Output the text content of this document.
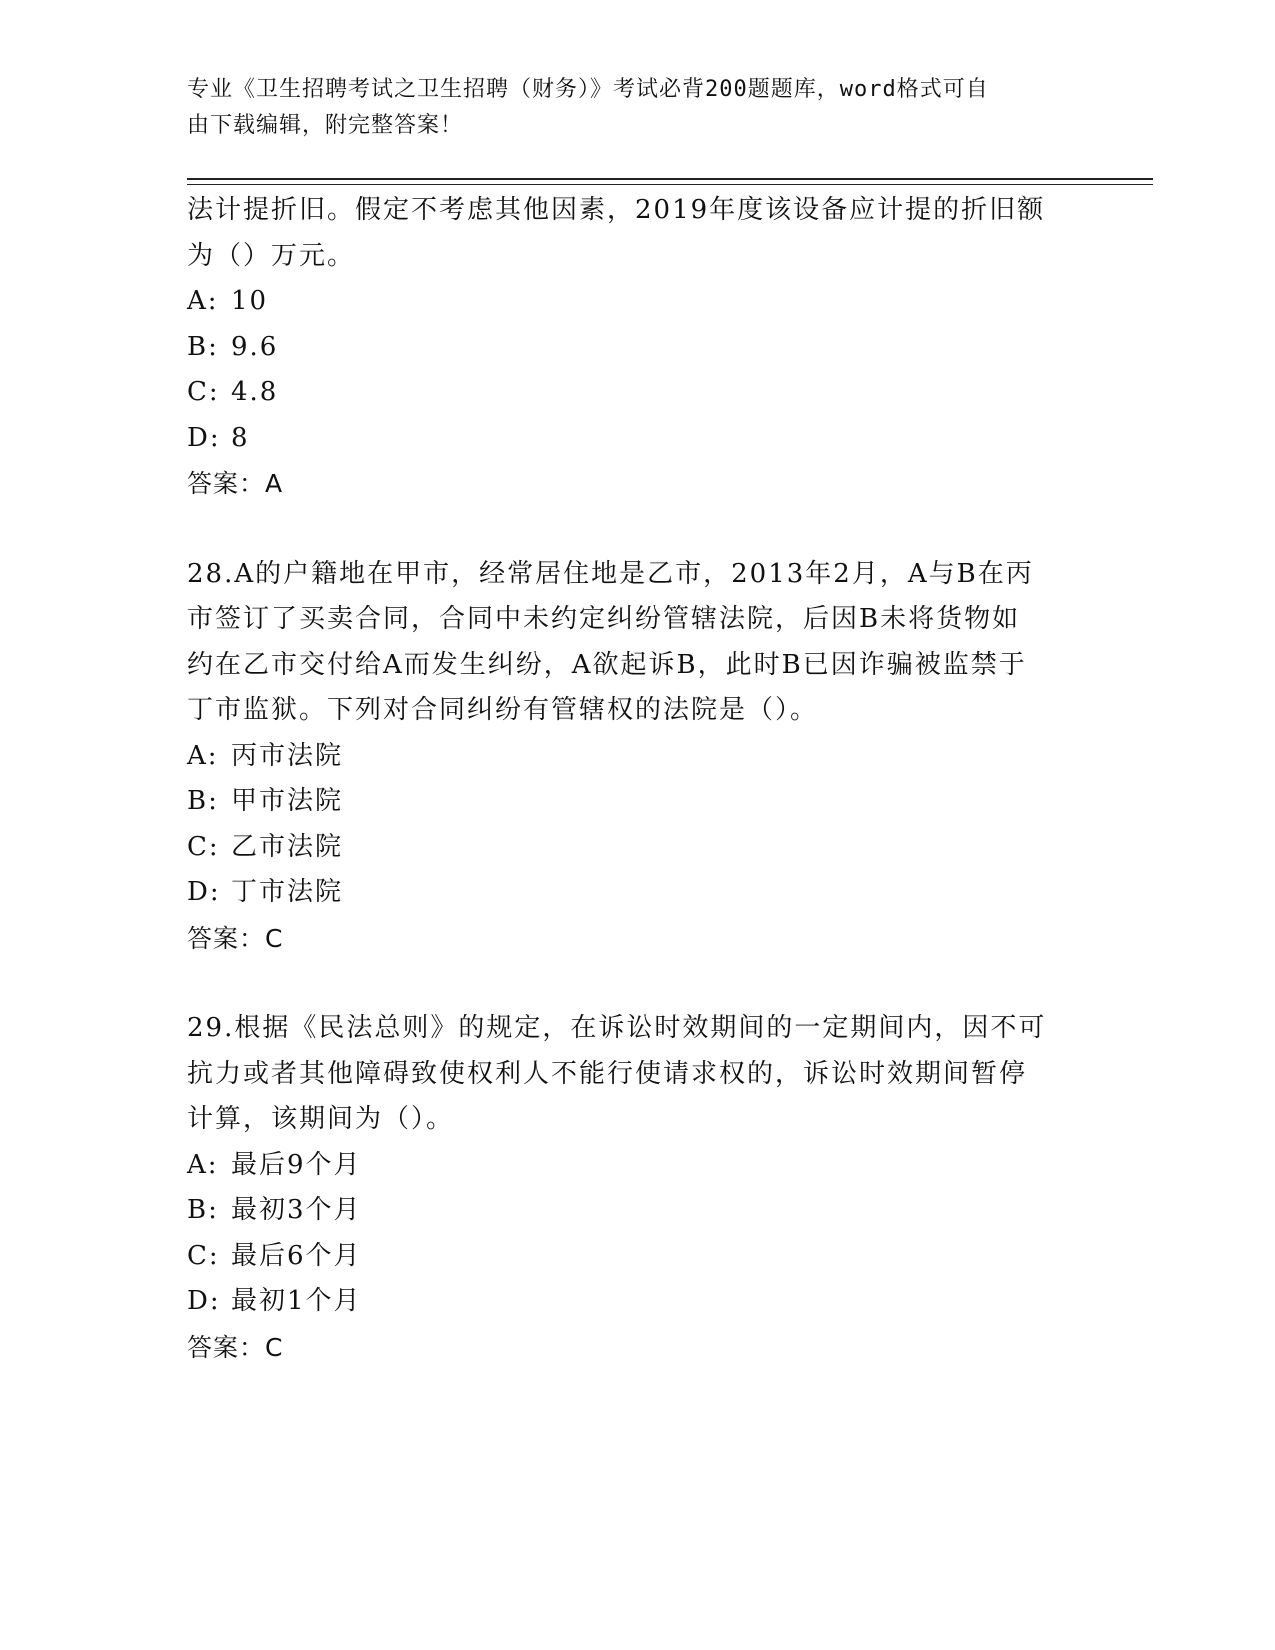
专业《卫生招聘考试之卫生招聘（财务）》考试必背200题题库，word格式可自
由下载编辑，附完整答案！

法计提折旧。假定不考虑其他因素，2019年度该设备应计提的折旧额

为（）万元。

A: 10

B: 9.6

C: 4.8

D: 8

答案：A

28.A的户籍地在甲市，经常居住地是乙市，2013年2月，A与B在丙

市签订了买卖合同，合同中未约定纠纷管辖法院，后因B未将货物如

约在乙市交付给A而发生纠纷，A欲起诉B，此时B已因诈骗被监禁于

丁市监狱。下列对合同纠纷有管辖权的法院是（）。

A: 丙市法院

B: 甲市法院

C: 乙市法院

D: 丁市法院

答案：C

29.根据《民法总则》的规定，在诉讼时效期间的一定期间内，因不可

抗力或者其他障碍致使权利人不能行使请求权的，诉讼时效期间暂停

计算，该期间为（）。

A: 最后9个月

B: 最初3个月

C: 最后6个月

D: 最初1个月

答案：C
